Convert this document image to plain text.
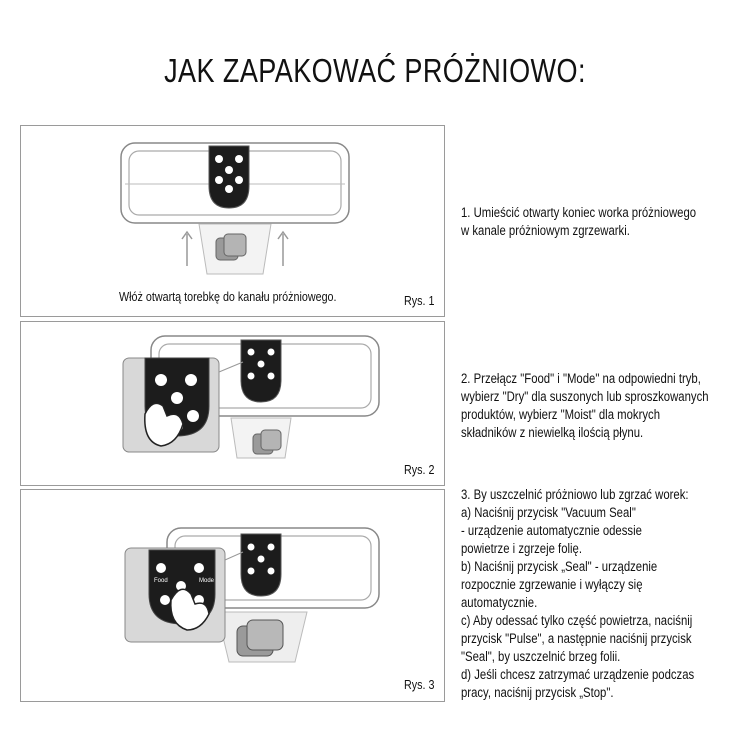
JAK ZAPAKOWAĆ PRÓŻNIOWO:
Włóż otwartą torebkę do kanału próżniowego.	Rys. 1
Rys. 2
Food	Mode
Rys. 3
1. Umieścić otwarty koniec worka próżniowego
w kanale próżniowym zgrzewarki.
2. Przełącz "Food" i "Mode" na odpowiedni tryb,
wybierz "Dry" dla suszonych lub sproszkowanych
produktów, wybierz "Moist" dla mokrych
składników z niewielką ilością płynu.
3. By uszczelnić próżniowo lub zgrzać worek:
a) Naciśnij przycisk "Vacuum Seal"
- urządzenie automatycznie odessie
powietrze i zgrzeje folię.
b) Naciśnij przycisk „Seal" - urządzenie
rozpocznie zgrzewanie i wyłączy się
automatycznie.
c) Aby odessać tylko część powietrza, naciśnij
przycisk "Pulse", a następnie naciśnij przycisk
"Seal", by uszczelnić brzeg folii.
d) Jeśli chcesz zatrzymać urządzenie podczas
pracy, naciśnij przycisk „Stop".
